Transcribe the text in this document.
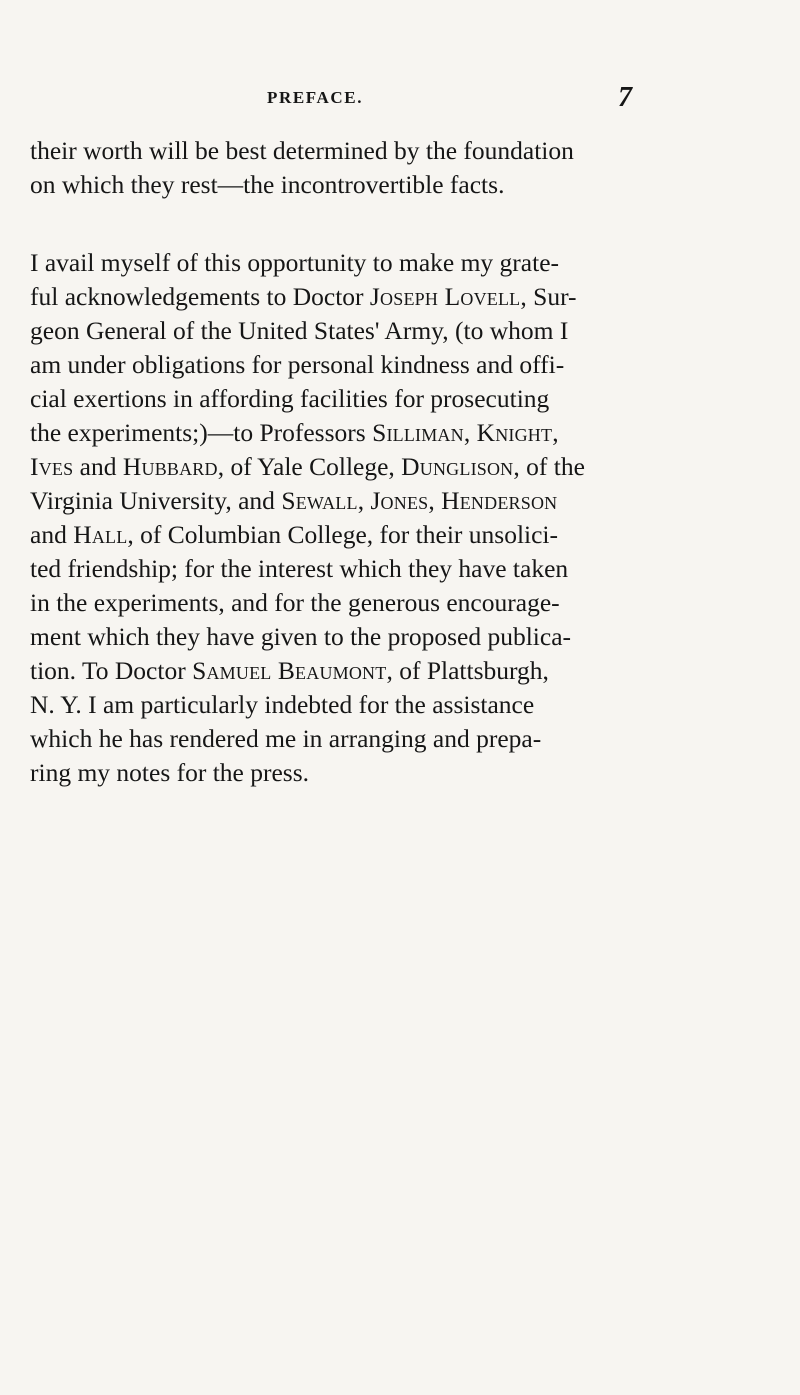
PREFACE.	7
their worth will be best determined by the foundation
on which they rest—the incontrovertible facts.
I avail myself of this opportunity to make my grate-
ful acknowledgements to Doctor Joseph Lovell, Sur-
geon General of the United States' Army, (to whom I
am under obligations for personal kindness and offi-
cial exertions in affording facilities for prosecuting
the experiments;)—to Professors Silliman, Knight,
Ives and Hubbard, of Yale College, Dunglison, of the
Virginia University, and Sewall, Jones, Henderson
and Hall, of Columbian College, for their unsolici-
ted friendship; for the interest which they have taken
in the experiments, and for the generous encourage-
ment which they have given to the proposed publica-
tion. To Doctor Samuel Beaumont, of Plattsburgh,
N. Y. I am particularly indebted for the assistance
which he has rendered me in arranging and prepa-
ring my notes for the press.
